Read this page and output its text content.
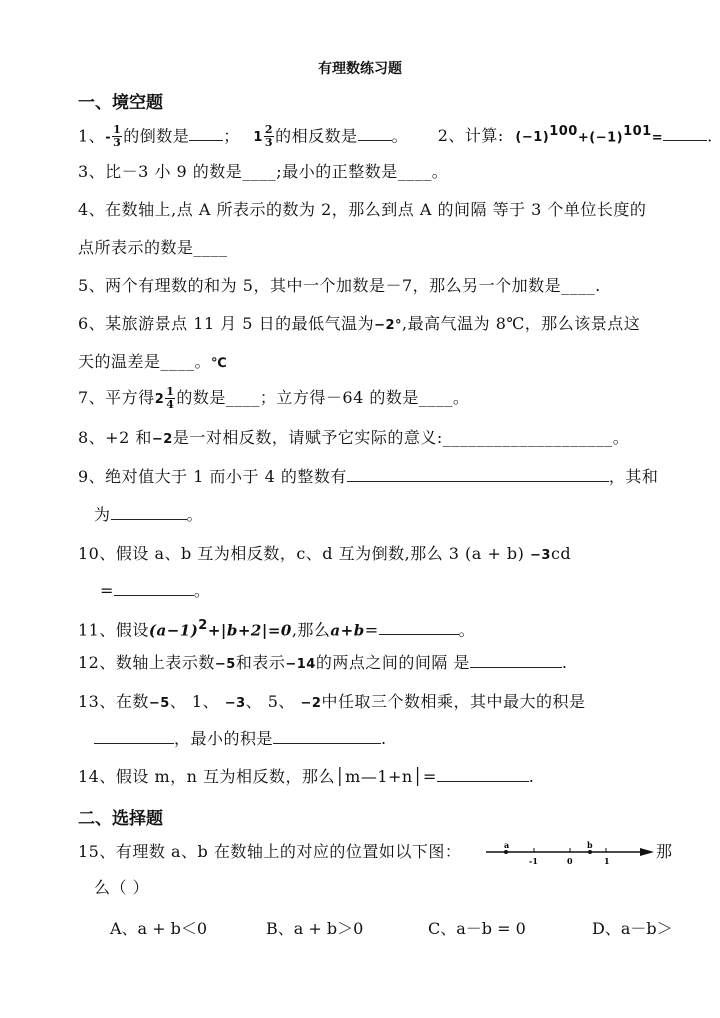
有理数练习题
一、境空题
1、- $\frac{1}{3}$ 的倒数是 ； $1 \frac{2}{3}$ 的相反数是 。 2、计算: $(-1)^{100}+(-1)^{101}=$	.
3、比－3 小 9 的数是____;最小的正整数是____。
4、在数轴上,点 A 所表示的数为 2，那么到点 A 的间隔 等于 3 个单位长度的
点所表示的数是____
5、两个有理数的和为 5，其中一个加数是－7，那么另一个加数是____.
6、某旅游景点 11 月 5 日的最低气温为−2°,最高气温为 8℃，那么该景点这
天的温差是____。℃
7、平方得$2 \frac{1}{4}$ 的数是____；立方得－64 的数是____。
8、+2 和−2是一对相反数，请赋予它实际的意义:____________________。
9、绝对值大于 1 而小于 4 的整数有	，其和
为	。
10、假设 a、b 互为相反数，c、d 互为倒数,那么 3 (a + b) −3cd
=	。
11、假设$(a-1)^2+|b+2|=0$,那么a+b=	。
12、数轴上表示数−5和表示−14的两点之间的间隔 是	.
13、在数−5、 1、 −3、 5、 −2中任取三个数相乘，其中最大的积是
，最小的积是	.
14、假设 m，n 互为相反数，那么│m—1+n│=	.
二、选择题
15、有理数 a、b 在数轴上的对应的位置如以下图：	那
a	b
-1	0	1
么（ ）
A、a + b＜0	B、a + b＞0	C、a－b = 0	D、a－b＞
